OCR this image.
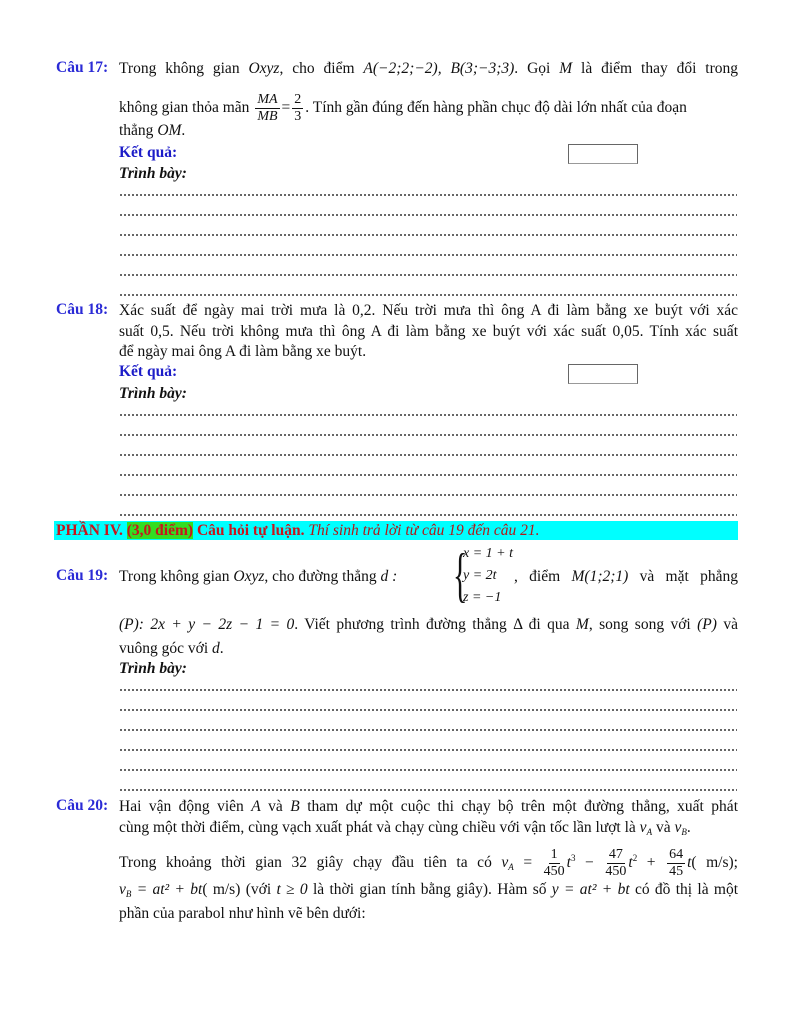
Câu 17: Trong không gian Oxyz, cho điểm A(−2;2;−2), B(3;−3;3). Gọi M là điểm thay đổi trong
không gian thỏa mãn $\frac{MA}{MB} = \frac{2}{3}$ . Tính gần đúng đến hàng phần chục độ dài lớn nhất của đoạn
thẳng OM.
Kết quả:
Trình bày:
Câu 18: Xác suất để ngày mai trời mưa là 0,2. Nếu trời mưa thì ông A đi làm bằng xe buýt với xác
suất 0,5. Nếu trời không mưa thì ông A đi làm bằng xe buýt với xác suất 0,05. Tính xác suất
để ngày mai ông A đi làm bằng xe buýt.
Kết quả:
Trình bày:
PHẦN IV. (3,0 điểm) Câu hỏi tự luận. Thí sinh trả lời từ câu 19 đến câu 21.
Câu 19: Trong không gian Oxyz, cho đường thẳng d : {
x = 1 + t
y = 2t
z = −1
, điểm M(1;2;1) và mặt phẳng
(P): 2x + y − 2z − 1 = 0. Viết phương trình đường thẳng Δ đi qua M, song song với (P) và
vuông góc với d.
Trình bày:
Câu 20: Hai vận động viên A và B tham dự một cuộc thi chạy bộ trên một đường thẳng, xuất phát
cùng một thời điểm, cùng vạch xuất phát và chạy cùng chiều với vận tốc lần lượt là $v_A$ và $v_B$.
Trong khoảng thời gian 32 giây chạy đầu tiên ta có $v_A = \frac{1}{450} t^3 - \frac{47}{450} t^2 + \frac{64}{45} t$( m/s);
$v_B = at^2 + bt$( m/s) (với t ≥ 0 là thời gian tính bằng giây). Hàm số y = at² + bt có đồ thị là một
phần của parabol như hình vẽ bên dưới:
